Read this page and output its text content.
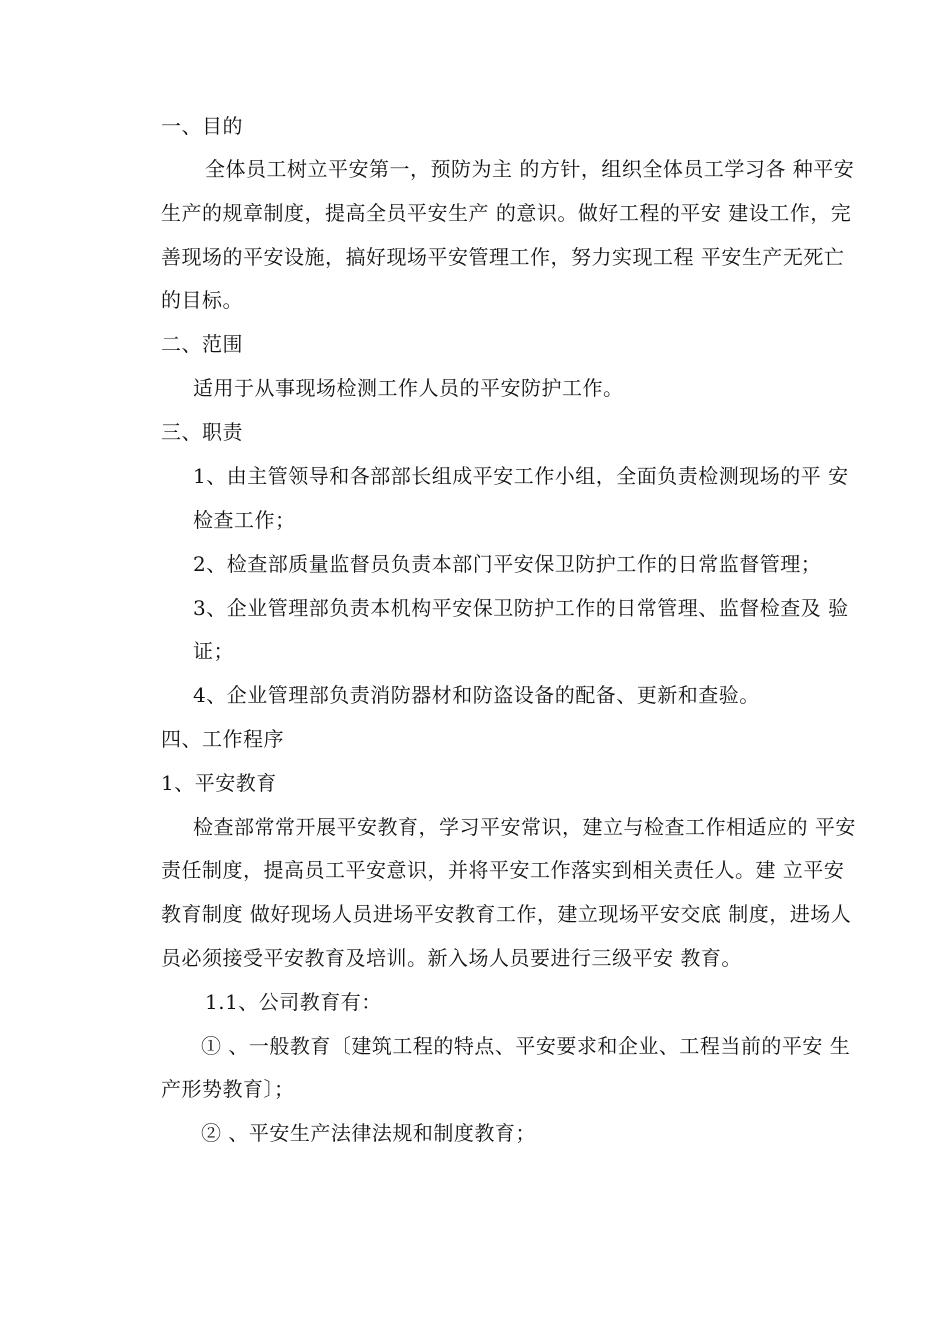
一、目的
全体员工树立平安第一，预防为主 的方针，组织全体员工学习各 种平安
生产的规章制度，提高全员平安生产 的意识。做好工程的平安 建设工作，完
善现场的平安设施，搞好现场平安管理工作，努力实现工程 平安生产无死亡
的目标。
二、范围
适用于从事现场检测工作人员的平安防护工作。
三、职责
1、由主管领导和各部部长组成平安工作小组，全面负责检测现场的平 安
检查工作；
2、检查部质量监督员负责本部门平安保卫防护工作的日常监督管理；
3、企业管理部负责本机构平安保卫防护工作的日常管理、监督检查及 验
证；
4、企业管理部负责消防器材和防盗设备的配备、更新和查验。
四、工作程序
1、平安教育
检查部常常开展平安教育，学习平安常识，建立与检查工作相适应的 平安
责任制度，提高员工平安意识，并将平安工作落实到相关责任人。建 立平安
教育制度 做好现场人员进场平安教育工作，建立现场平安交底 制度，进场人
员必须接受平安教育及培训。新入场人员要进行三级平安 教育。
1.1、公司教育有：
① 、一般教育〔建筑工程的特点、平安要求和企业、工程当前的平安 生
产形势教育〕；
② 、平安生产法律法规和制度教育；
